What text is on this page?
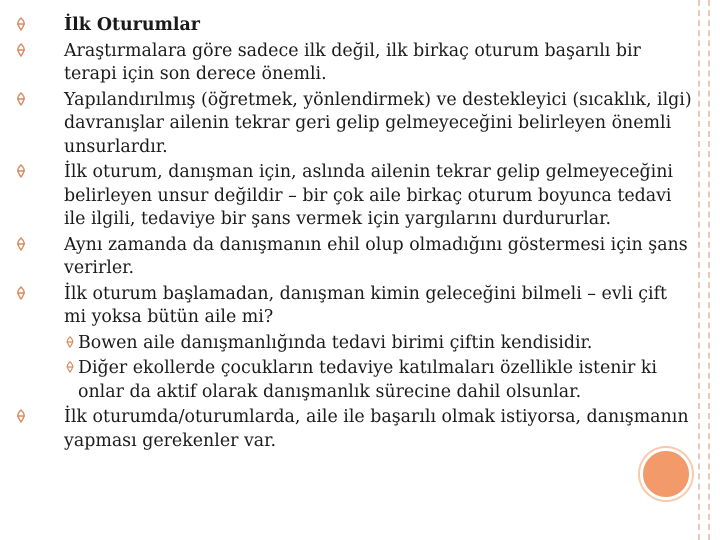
İlk Oturumlar
Araştırmalara göre sadece ilk değil, ilk birkaç oturum başarılı bir terapi için son derece önemli.
Yapılandırılmış (öğretmek, yönlendirmek) ve destekleyici (sıcaklık, ilgi) davranışlar ailenin tekrar geri gelip gelmeyeceğini belirleyen önemli unsurlardır.
İlk oturum, danışman için, aslında ailenin tekrar gelip gelmeyeceğini belirleyen unsur değildir – bir çok aile birkaç oturum boyunca tedavi ile ilgili, tedaviye bir şans vermek için yargılarını durdururlar.
Aynı zamanda da danışmanın ehil olup olmadığını göstermesi için şans verirler.
İlk oturum başlamadan, danışman kimin geleceğini bilmeli – evli çift mi yoksa bütün aile mi?
Bowen aile danışmanlığında tedavi birimi çiftin kendisidir.
Diğer ekollerde çocukların tedaviye katılmaları özellikle istenir ki onlar da aktif olarak danışmanlık sürecine dahil olsunlar.
İlk oturumda/oturumlarda, aile ile başarılı olmak istiyorsa, danışmanın yapması gerekenler var.
